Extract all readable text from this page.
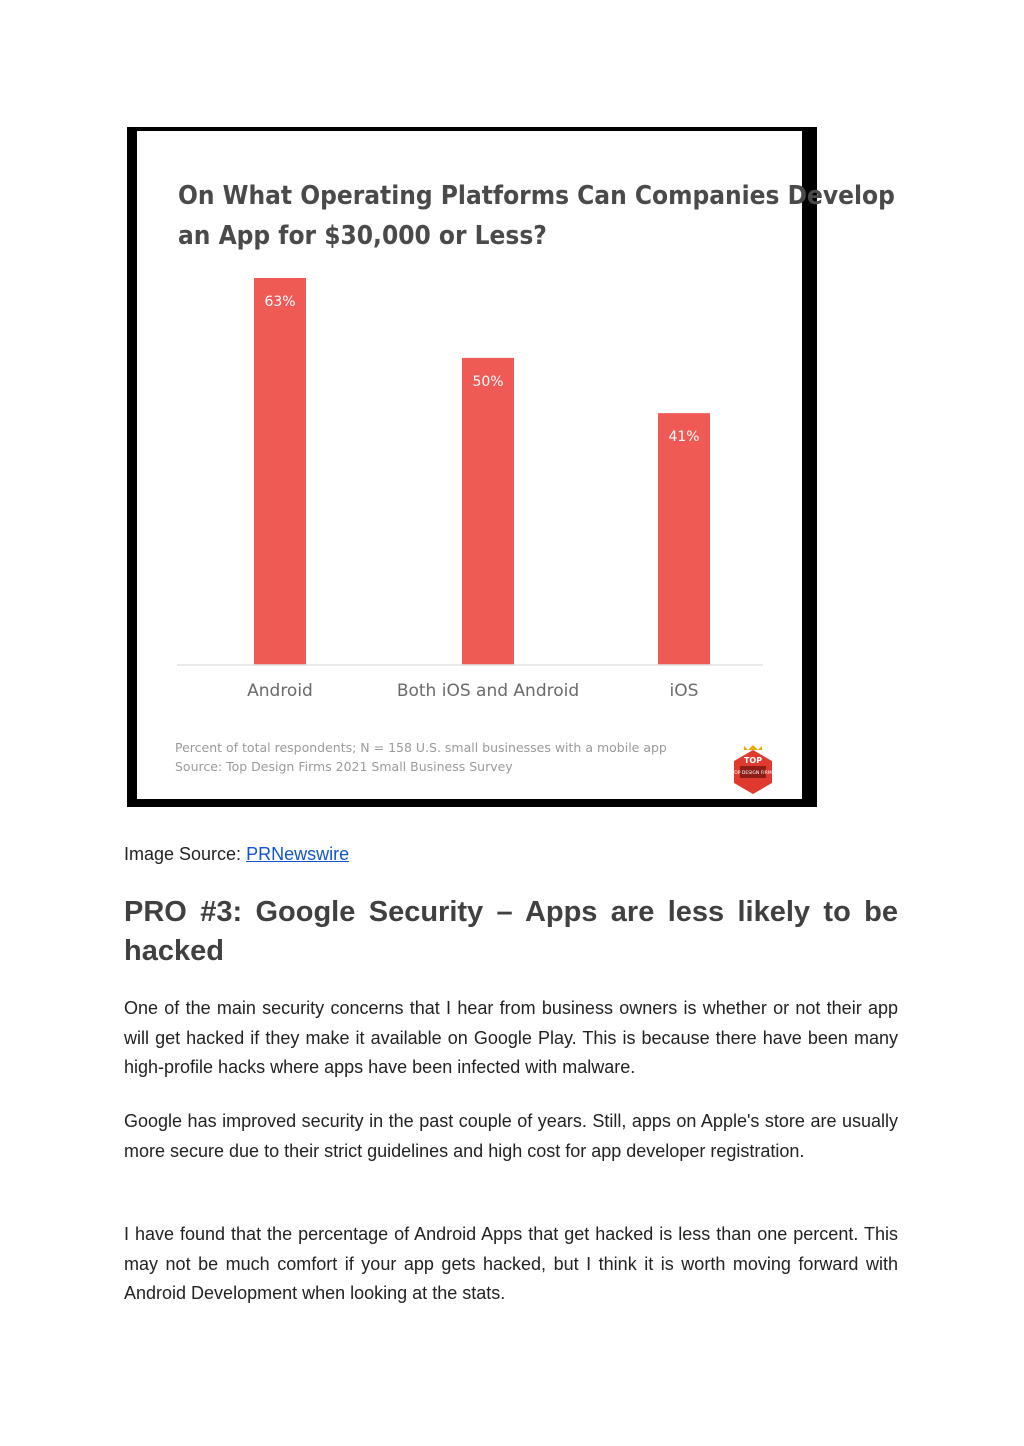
On What Operating Platforms Can Companies Develop
an App for $30,000 or Less?
63%
Android
50%
Both iOS and Android
41%
iOS
Percent of total respondents; N = 158 U.S. small businesses with a mobile app
Source: Top Design Firms 2021 Small Business Survey	TOP
TOP DESIGN FIRMS

Image Source: PRNewswire

PRO #3: Google Security – Apps are less likely to be hacked

One of the main security concerns that I hear from business owners is whether or not their app will get hacked if they make it available on Google Play. This is because there have been many high-profile hacks where apps have been infected with malware.

Google has improved security in the past couple of years. Still, apps on Apple's store are usually more secure due to their strict guidelines and high cost for app developer registration.

I have found that the percentage of Android Apps that get hacked is less than one percent. This may not be much comfort if your app gets hacked, but I think it is worth moving forward with Android Development when looking at the stats.
